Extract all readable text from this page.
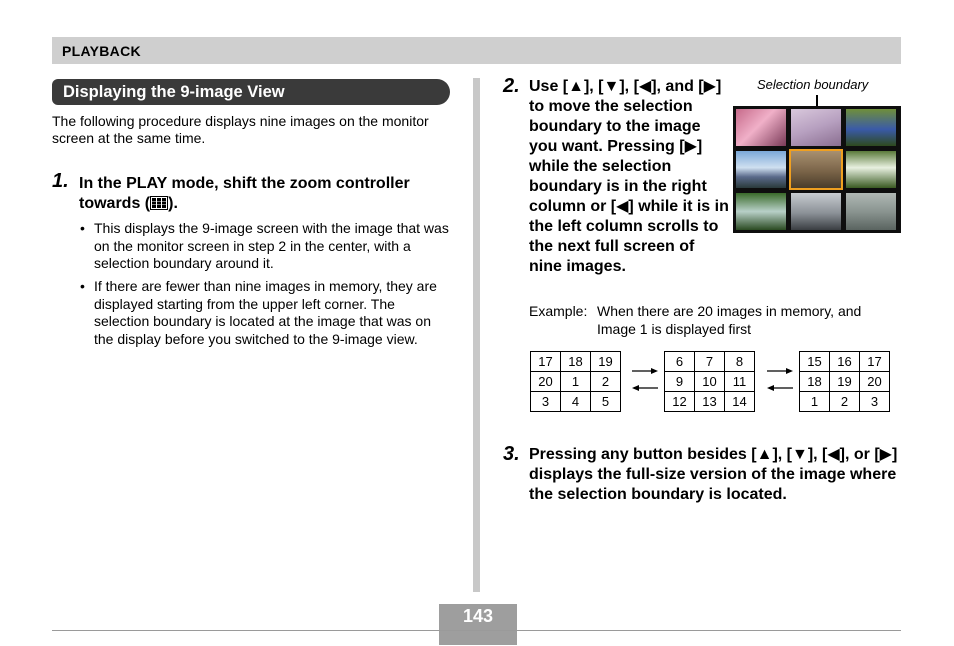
PLAYBACK
Displaying the 9-image View
The following procedure displays nine images on the monitor screen at the same time.
1. In the PLAY mode, shift the zoom controller towards ( ).
• This displays the 9-image screen with the image that was on the monitor screen in step 2 in the center, with a selection boundary around it.
• If there are fewer than nine images in memory, they are displayed starting from the upper left corner. The selection boundary is located at the image that was on the display before you switched to the 9-image view.
2. Use [▲], [▼], [◀], and [▶] to move the selection boundary to the image you want. Pressing [▶] while the selection boundary is in the right column or [◀] while it is in the left column scrolls to the next full screen of nine images.
Selection boundary
Example: When there are 20 images in memory, and Image 1 is displayed first
17	18	19
20	1	2
3	4	5
6	7	8
9	10	11
12	13	14
15	16	17
18	19	20
1	2	3
3. Pressing any button besides [▲], [▼], [◀], or [▶] displays the full-size version of the image where the selection boundary is located.
143
